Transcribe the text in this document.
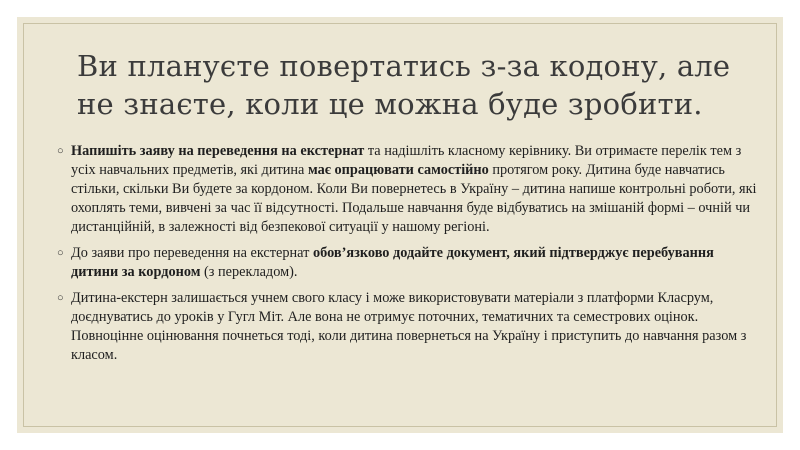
Ви плануєте повертатись з-за кодону, але не знаєте, коли це можна буде зробити.
○ Напишіть заяву на переведення на екстернат та надішліть класному керівнику. Ви отримаєте перелік тем з усіх навчальних предметів, які дитина має опрацювати самостійно протягом року. Дитина буде навчатись стільки, скільки Ви будете за кордоном. Коли Ви повернетесь в Україну – дитина напише контрольні роботи, які охоплять теми, вивчені за час її відсутності. Подальше навчання буде відбуватись на змішаній формі – очній чи дистанційній, в залежності від безпекової ситуації у нашому регіоні.
○ До заяви про переведення на екстернат обов’язково додайте документ, який підтверджує перебування дитини за кордоном (з перекладом).
○ Дитина-екстерн залишається учнем свого класу і може використовувати матеріали з платформи Класрум, доєднуватись до уроків у Гугл Міт. Але вона не отримує поточних, тематичних та семестрових оцінок. Повноцінне оцінювання почнеться тоді, коли дитина повернеться на Україну і приступить до навчання разом з класом.
